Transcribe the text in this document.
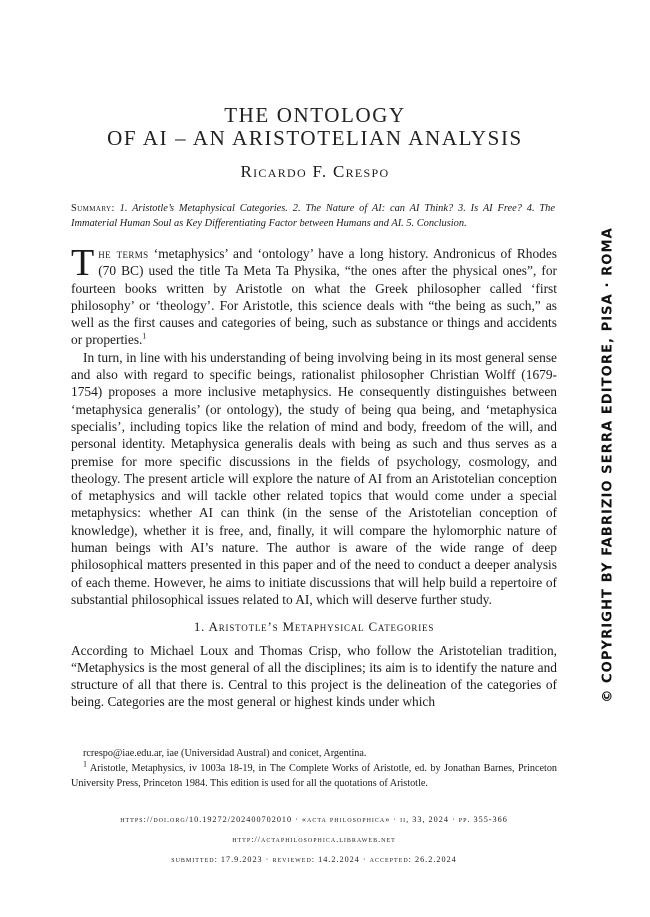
THE ONTOLOGY
OF AI – AN ARISTOTELIAN ANALYSIS
Ricardo F. Crespo
Summary: 1. Aristotle’s Metaphysical Categories. 2. The Nature of AI: can AI Think? 3. Is AI Free? 4. The Immaterial Human Soul as Key Differentiating Factor between Humans and AI. 5. Conclusion.

The terms ‘metaphysics’ and ‘ontology’ have a long history. Andronicus of Rhodes (70 BC) used the title Ta Meta Ta Physika, “the ones after the physical ones”, for fourteen books written by Aristotle on what the Greek philosopher called ‘first philosophy’ or ‘theology’. For Aristotle, this science deals with “the being as such,” as well as the first causes and categories of being, such as substance or things and accidents or properties.$^1$

In turn, in line with his understanding of being involving being in its most general sense and also with regard to specific beings, rationalist philosopher Christian Wolff (1679-1754) proposes a more inclusive metaphysics. He consequently distinguishes between ‘metaphysica generalis’ (or ontology), the study of being qua being, and ‘metaphysica specialis’, including topics like the relation of mind and body, freedom of the will, and personal identity. Metaphysica generalis deals with being as such and thus serves as a premise for more specific discussions in the fields of psychology, cosmology, and theology. The present article will explore the nature of AI from an Aristotelian conception of metaphysics and will tackle other related topics that would come under a special metaphysics: whether AI can think (in the sense of the Aristotelian conception of knowledge), whether it is free, and, finally, it will compare the hylomorphic nature of human beings with AI’s nature. The author is aware of the wide range of deep philosophical matters presented in this paper and of the need to conduct a deeper analysis of each theme. However, he aims to initiate discussions that will help build a repertoire of substantial philosophical issues related to AI, which will deserve further study.

1. Aristotle’s Metaphysical Categories

According to Michael Loux and Thomas Crisp, who follow the Aristotelian tradition, “Metaphysics is the most general of all the disciplines; its aim is to identify the nature and structure of all that there is. Central to this project is the delineation of the categories of being. Categories are the most general or highest kinds under which

rcrespo@iae.edu.ar, iae (Universidad Austral) and conicet, Argentina.

$^1$ Aristotle, Metaphysics, iv 1003a 18-19, in The Complete Works of Aristotle, ed. by Jonathan Barnes, Princeton University Press, Princeton 1984. This edition is used for all the quotations of Aristotle.

https://doi.org/10.19272/202400702010 · «acta philosophica» · ii, 33, 2024 · pp. 355-366
http://actaphilosophica.libraweb.net
submitted: 17.9.2023 · reviewed: 14.2.2024 · accepted: 26.2.2024
© COPYRIGHT BY FABRIZIO SERRA EDITORE, PISA · ROMA
